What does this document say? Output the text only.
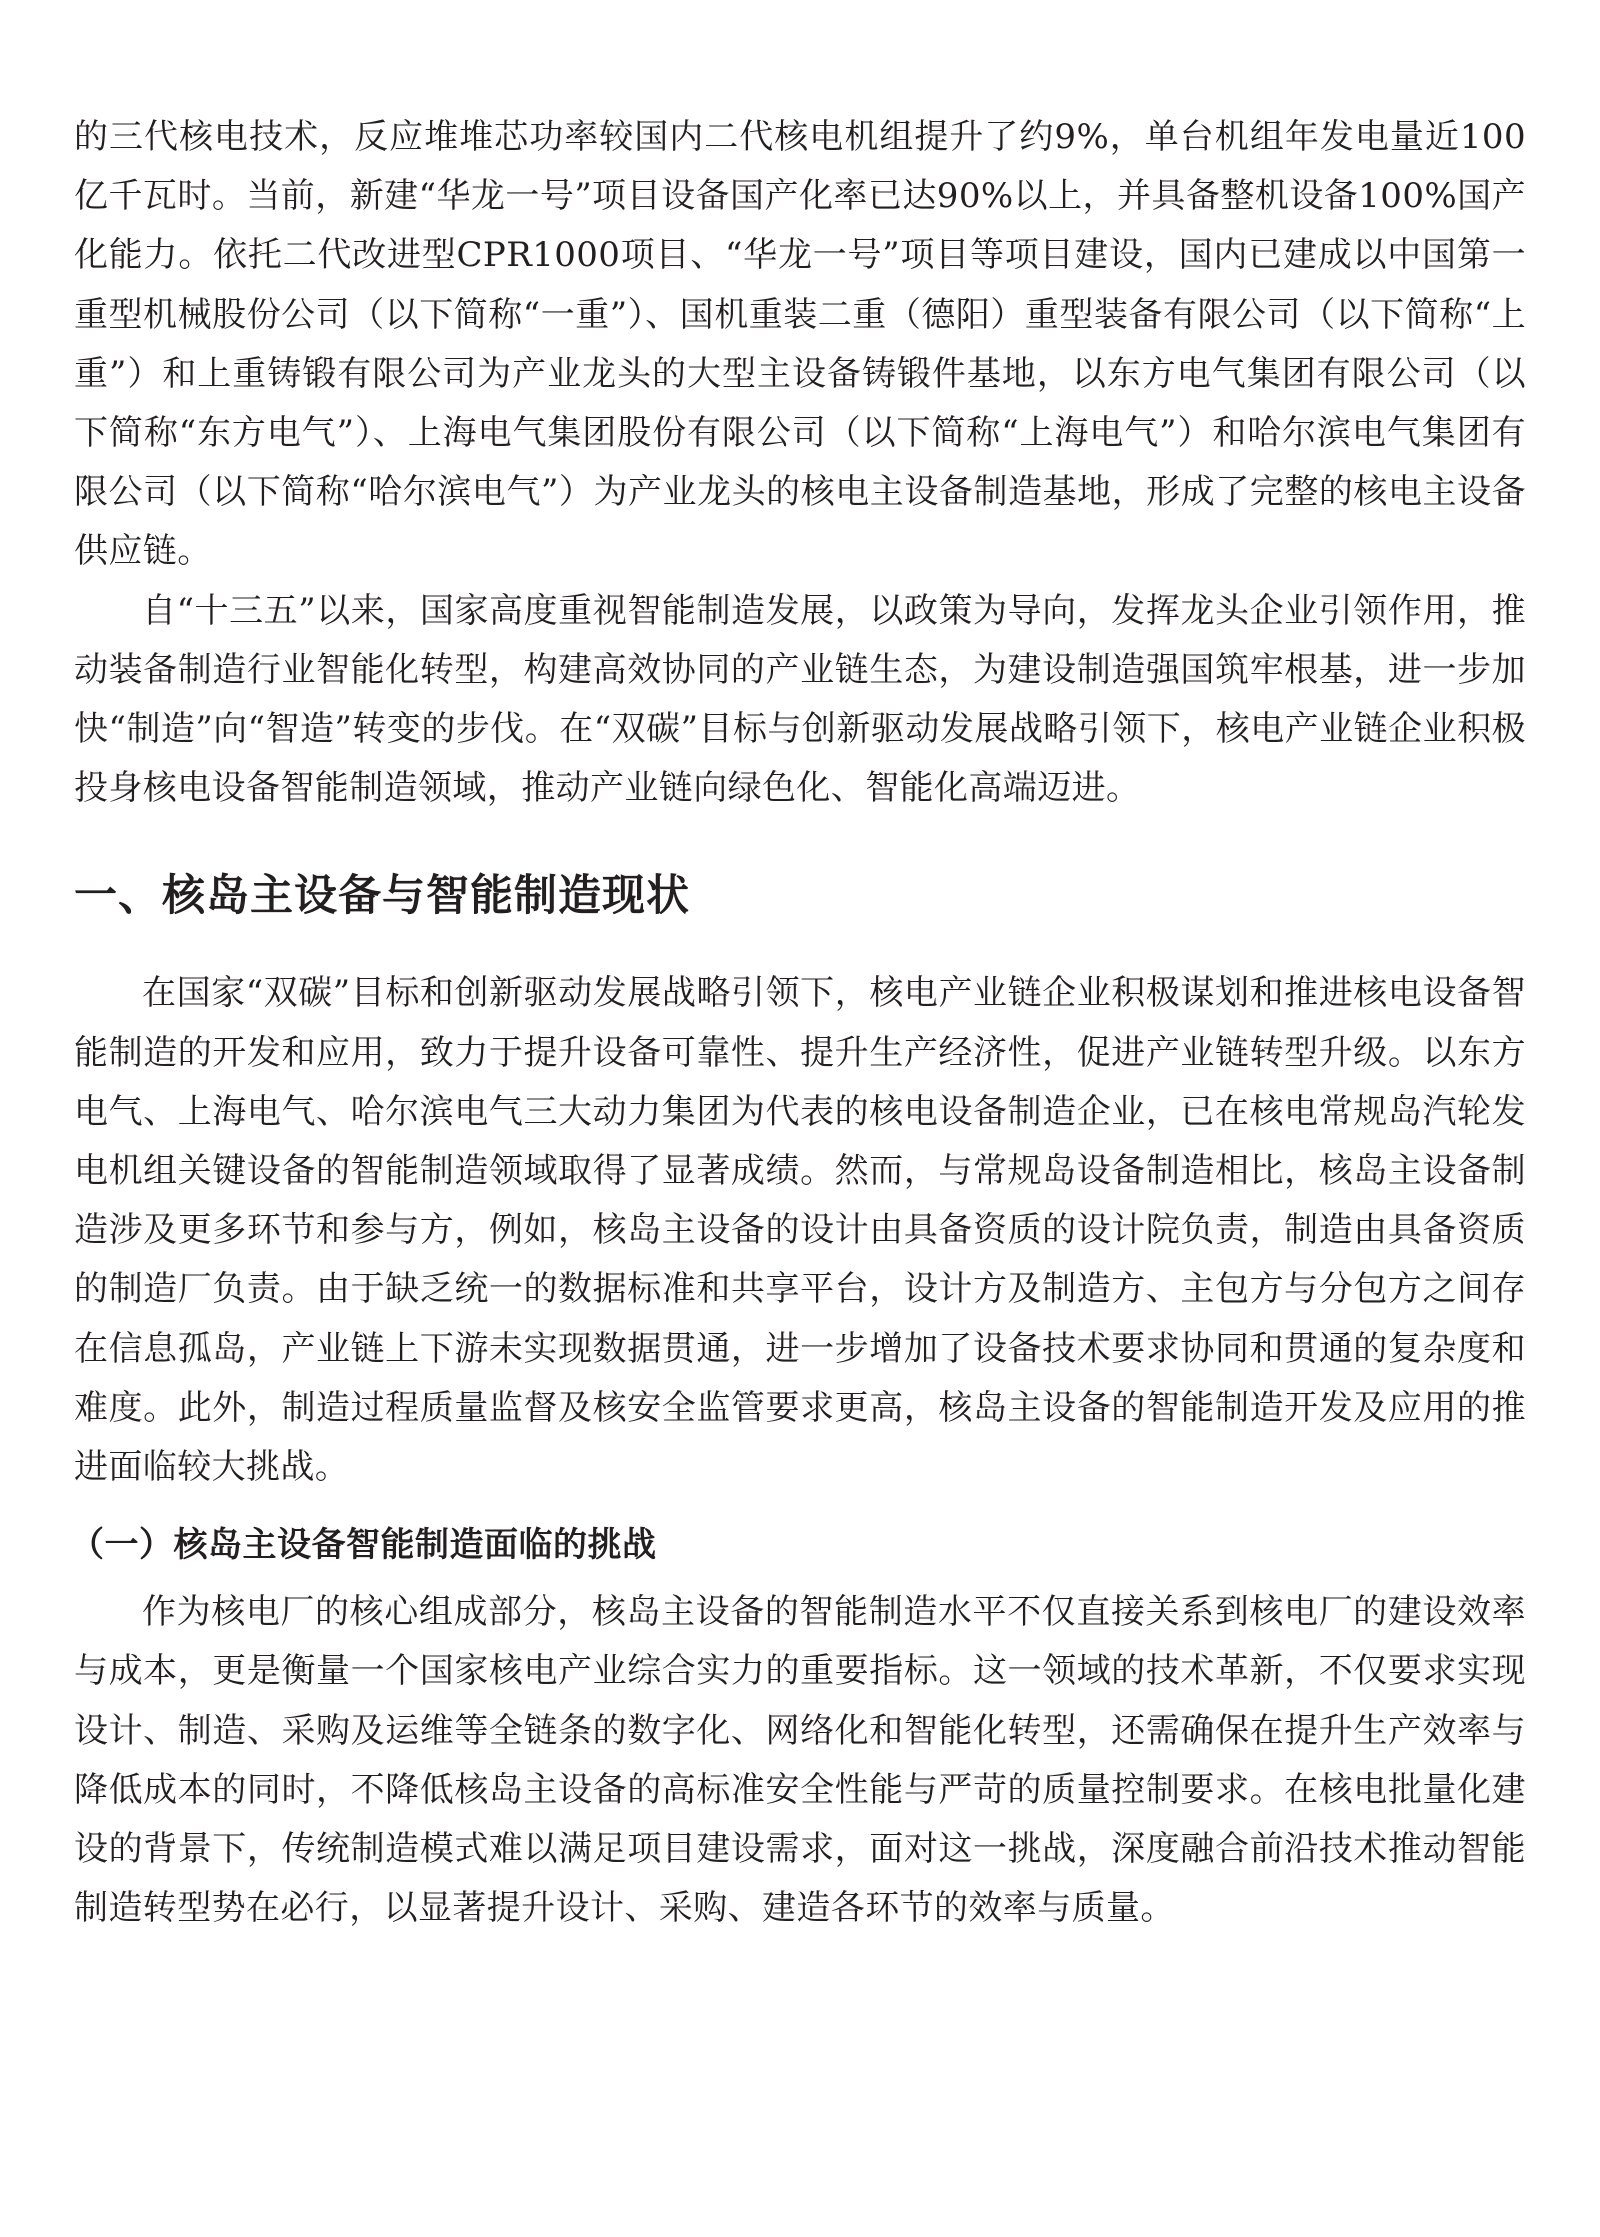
的三代核电技术，反应堆堆芯功率较国内二代核电机组提升了约9%，单台机组年发电量近100亿千瓦时。当前，新建“华龙一号”项目设备国产化率已达90%以上，并具备整机设备100%国产化能力。依托二代改进型CPR1000项目、“华龙一号”项目等项目建设，国内已建成以中国第一重型机械股份公司（以下简称“一重”）、国机重装二重（德阳）重型装备有限公司（以下简称“上重”）和上重铸锻有限公司为产业龙头的大型主设备铸锻件基地，以东方电气集团有限公司（以下简称“东方电气”）、上海电气集团股份有限公司（以下简称“上海电气”）和哈尔滨电气集团有限公司（以下简称“哈尔滨电气”）为产业龙头的核电主设备制造基地，形成了完整的核电主设备供应链。

自“十三五”以来，国家高度重视智能制造发展，以政策为导向，发挥龙头企业引领作用，推动装备制造行业智能化转型，构建高效协同的产业链生态，为建设制造强国筑牢根基，进一步加快“制造”向“智造”转变的步伐。在“双碳”目标与创新驱动发展战略引领下，核电产业链企业积极投身核电设备智能制造领域，推动产业链向绿色化、智能化高端迈进。

一、核岛主设备与智能制造现状

在国家“双碳”目标和创新驱动发展战略引领下，核电产业链企业积极谋划和推进核电设备智能制造的开发和应用，致力于提升设备可靠性、提升生产经济性，促进产业链转型升级。以东方电气、上海电气、哈尔滨电气三大动力集团为代表的核电设备制造企业，已在核电常规岛汽轮发电机组关键设备的智能制造领域取得了显著成绩。然而，与常规岛设备制造相比，核岛主设备制造涉及更多环节和参与方，例如，核岛主设备的设计由具备资质的设计院负责，制造由具备资质的制造厂负责。由于缺乏统一的数据标准和共享平台，设计方及制造方、主包方与分包方之间存在信息孤岛，产业链上下游未实现数据贯通，进一步增加了设备技术要求协同和贯通的复杂度和难度。此外，制造过程质量监督及核安全监管要求更高，核岛主设备的智能制造开发及应用的推进面临较大挑战。

（一）核岛主设备智能制造面临的挑战

作为核电厂的核心组成部分，核岛主设备的智能制造水平不仅直接关系到核电厂的建设效率与成本，更是衡量一个国家核电产业综合实力的重要指标。这一领域的技术革新，不仅要求实现设计、制造、采购及运维等全链条的数字化、网络化和智能化转型，还需确保在提升生产效率与降低成本的同时，不降低核岛主设备的高标准安全性能与严苛的质量控制要求。在核电批量化建设的背景下，传统制造模式难以满足项目建设需求，面对这一挑战，深度融合前沿技术推动智能制造转型势在必行，以显著提升设计、采购、建造各环节的效率与质量。
